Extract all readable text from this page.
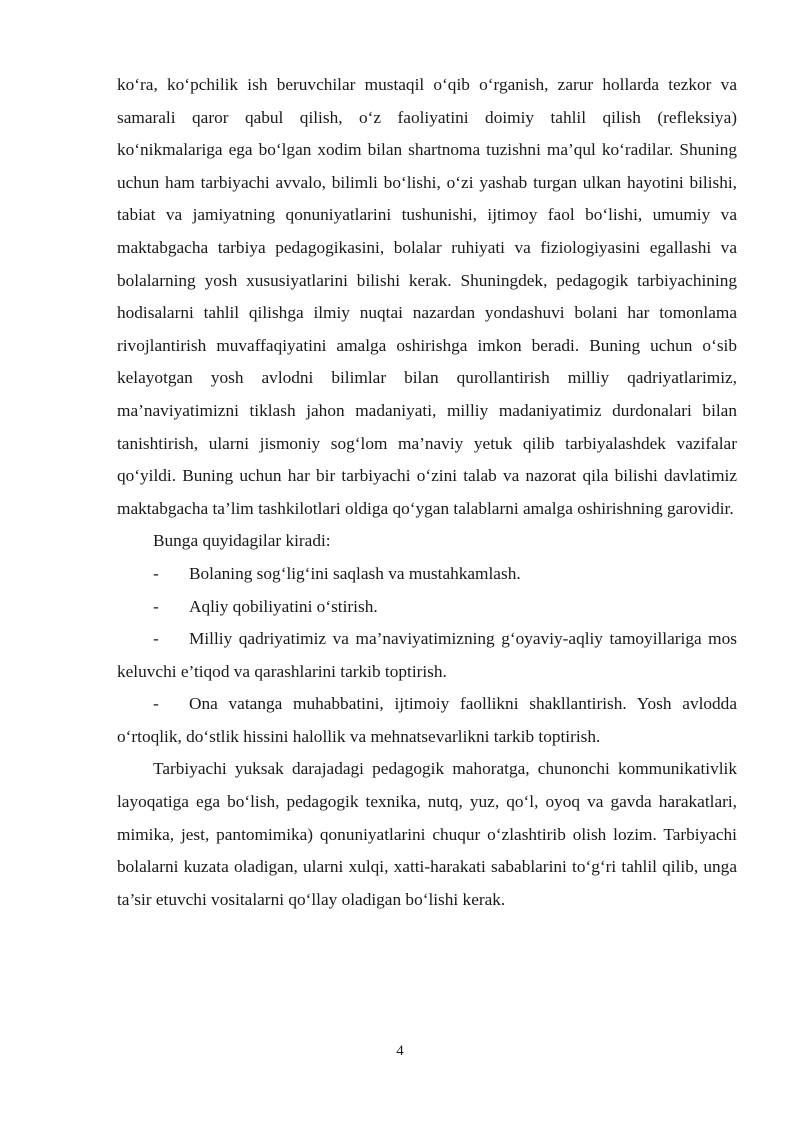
ko‘ra, ko‘pchilik ish beruvchilar mustaqil o‘qib o‘rganish, zarur hollarda tezkor va samarali qaror qabul qilish, o‘z faoliyatini doimiy tahlil qilish (refleksiya) ko‘nikmalariga ega bo‘lgan xodim bilan shartnoma tuzishni ma’qul ko‘radilar. Shuning uchun ham tarbiyachi avvalo, bilimli bo‘lishi, o‘zi yashab turgan ulkan hayotini bilishi, tabiat va jamiyatning qonuniyatlarini tushunishi, ijtimoy faol bo‘lishi, umumiy va maktabgacha tarbiya pedagogikasini, bolalar ruhiyati va fiziologiyasini egallashi va bolalarning yosh xususiyatlarini bilishi kerak. Shuningdek, pedagogik tarbiyachining hodisalarni tahlil qilishga ilmiy nuqtai nazardan yondashuvi bolani har tomonlama rivojlantirish muvaffaqiyatini amalga oshirishga imkon beradi. Buning uchun o‘sib kelayotgan yosh avlodni bilimlar bilan qurollantirish milliy qadriyatlarimiz, ma’naviyatimizni tiklash jahon madaniyati, milliy madaniyatimiz durdonalari bilan tanishtirish, ularni jismoniy sog‘lom ma’naviy yetuk qilib tarbiyalashdek vazifalar qo‘yildi. Buning uchun har bir tarbiyachi o‘zini talab va nazorat qila bilishi davlatimiz maktabgacha ta’lim tashkilotlari oldiga qo‘ygan talablarni amalga oshirishning garovidir.

Bunga quyidagilar kiradi:

-	Bolaning sog‘lig‘ini saqlash va mustahkamlash.

-	Aqliy qobiliyatini o‘stirish.

-	Milliy qadriyatimiz va ma’naviyatimizning g‘oyaviy-aqliy tamoyillariga mos keluvchi e’tiqod va qarashlarini tarkib toptirish.

-	Ona vatanga muhabbatini, ijtimoiy faollikni shakllantirish. Yosh avlodda o‘rtoqlik, do‘stlik hissini halollik va mehnatsevarlikni tarkib toptirish.

Tarbiyachi yuksak darajadagi pedagogik mahoratga, chunonchi kommunikativlik layoqatiga ega bo‘lish, pedagogik texnika, nutq, yuz, qo‘l, oyoq va gavda harakatlari, mimika, jest, pantomimika) qonuniyatlarini chuqur o‘zlashtirib olish lozim. Tarbiyachi bolalarni kuzata oladigan, ularni xulqi, xatti-harakati sabablarini to‘g‘ri tahlil qilib, unga ta’sir etuvchi vositalarni qo‘llay oladigan bo‘lishi kerak.

4
